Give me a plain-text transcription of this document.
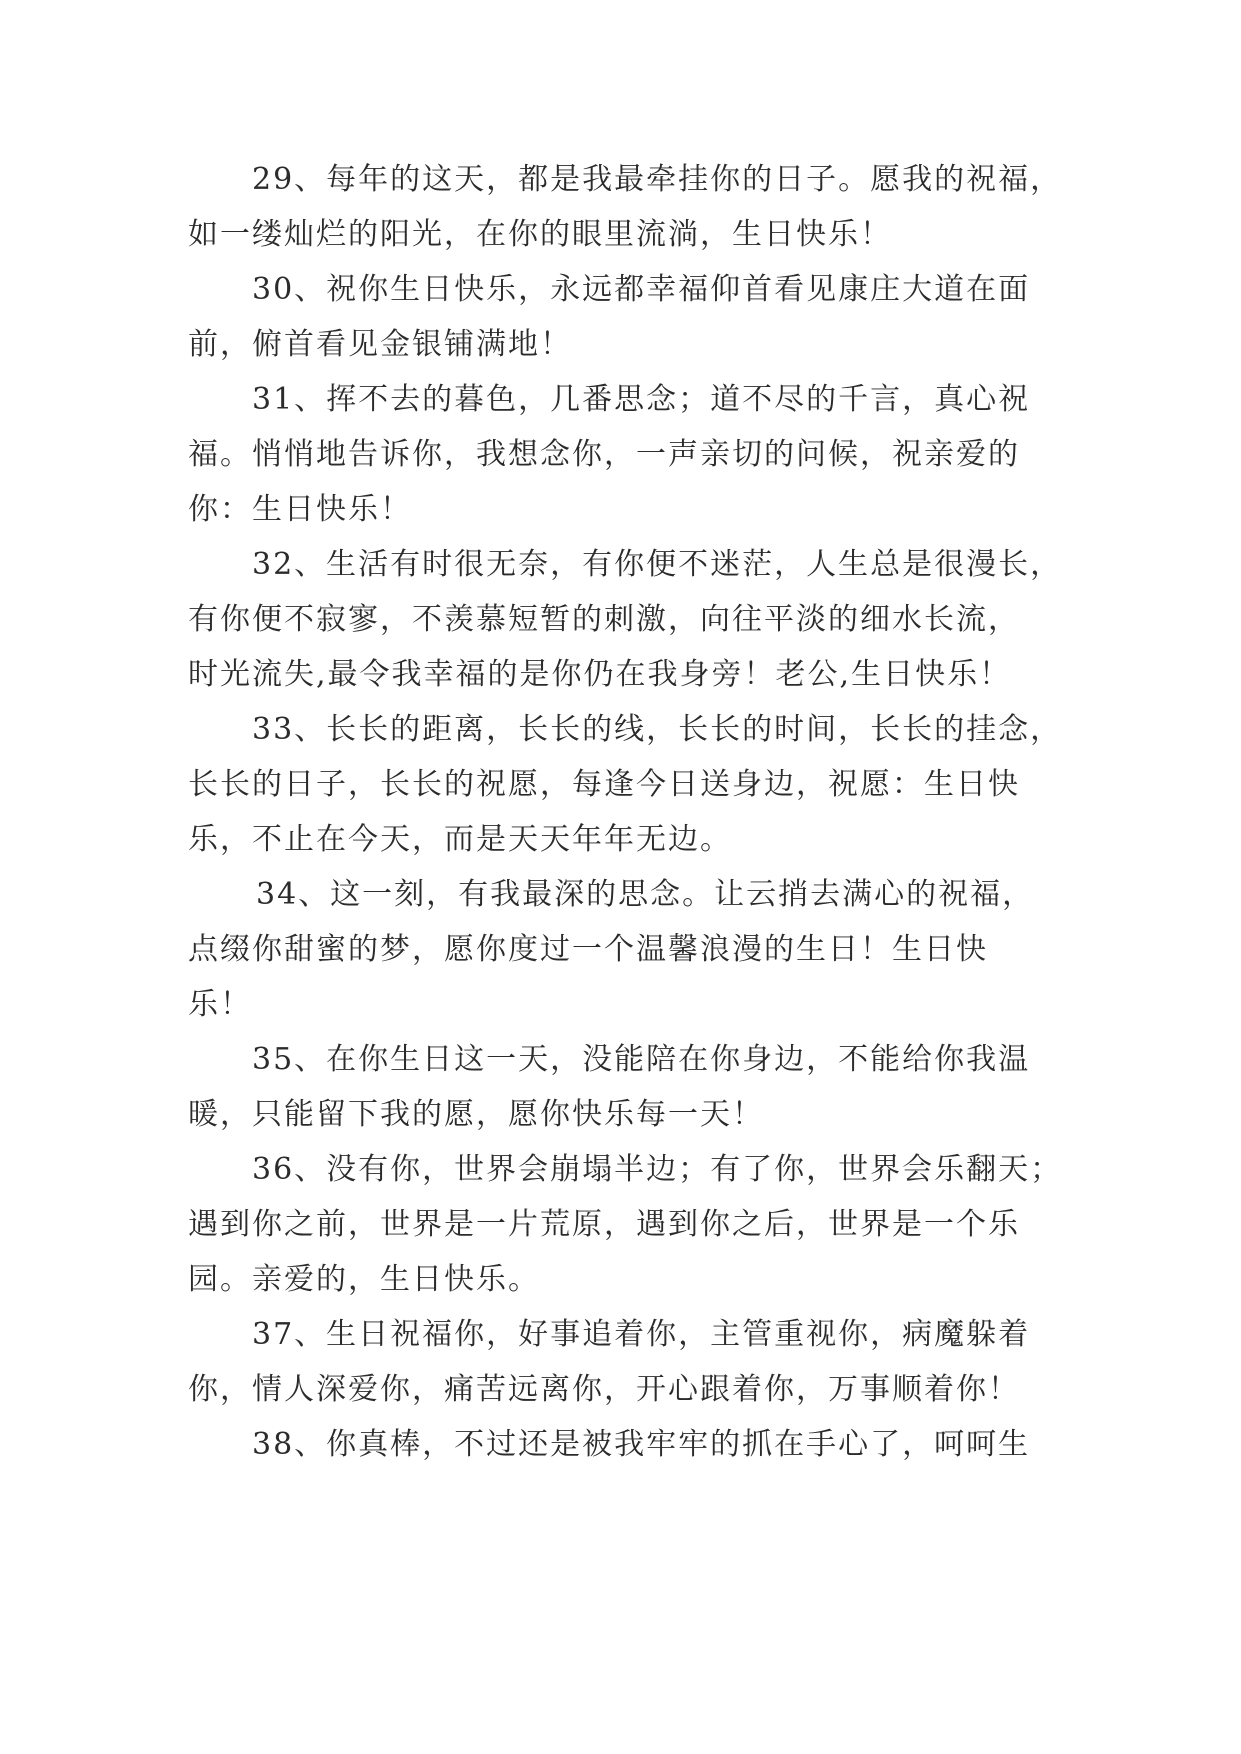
29、每年的这天，都是我最牵挂你的日子。愿我的祝福，
如一缕灿烂的阳光，在你的眼里流淌，生日快乐！
30、祝你生日快乐，永远都幸福仰首看见康庄大道在面
前，俯首看见金银铺满地！
31、挥不去的暮色，几番思念；道不尽的千言，真心祝
福。悄悄地告诉你，我想念你，一声亲切的问候，祝亲爱的
你：生日快乐！
32、生活有时很无奈，有你便不迷茫，人生总是很漫长，
有你便不寂寥，不羡慕短暂的刺激，向往平淡的细水长流，
时光流失,最令我幸福的是你仍在我身旁！老公,生日快乐！
33、长长的距离，长长的线，长长的时间，长长的挂念，
长长的日子，长长的祝愿，每逢今日送身边，祝愿：生日快
乐，不止在今天，而是天天年年无边。
34、这一刻，有我最深的思念。让云捎去满心的祝福，
点缀你甜蜜的梦，愿你度过一个温馨浪漫的生日！生日快
乐！
35、在你生日这一天，没能陪在你身边，不能给你我温
暖，只能留下我的愿，愿你快乐每一天！
36、没有你，世界会崩塌半边；有了你，世界会乐翻天；
遇到你之前，世界是一片荒原，遇到你之后，世界是一个乐
园。亲爱的，生日快乐。
37、生日祝福你，好事追着你，主管重视你，病魔躲着
你，情人深爱你，痛苦远离你，开心跟着你，万事顺着你！
38、你真棒，不过还是被我牢牢的抓在手心了，呵呵生
